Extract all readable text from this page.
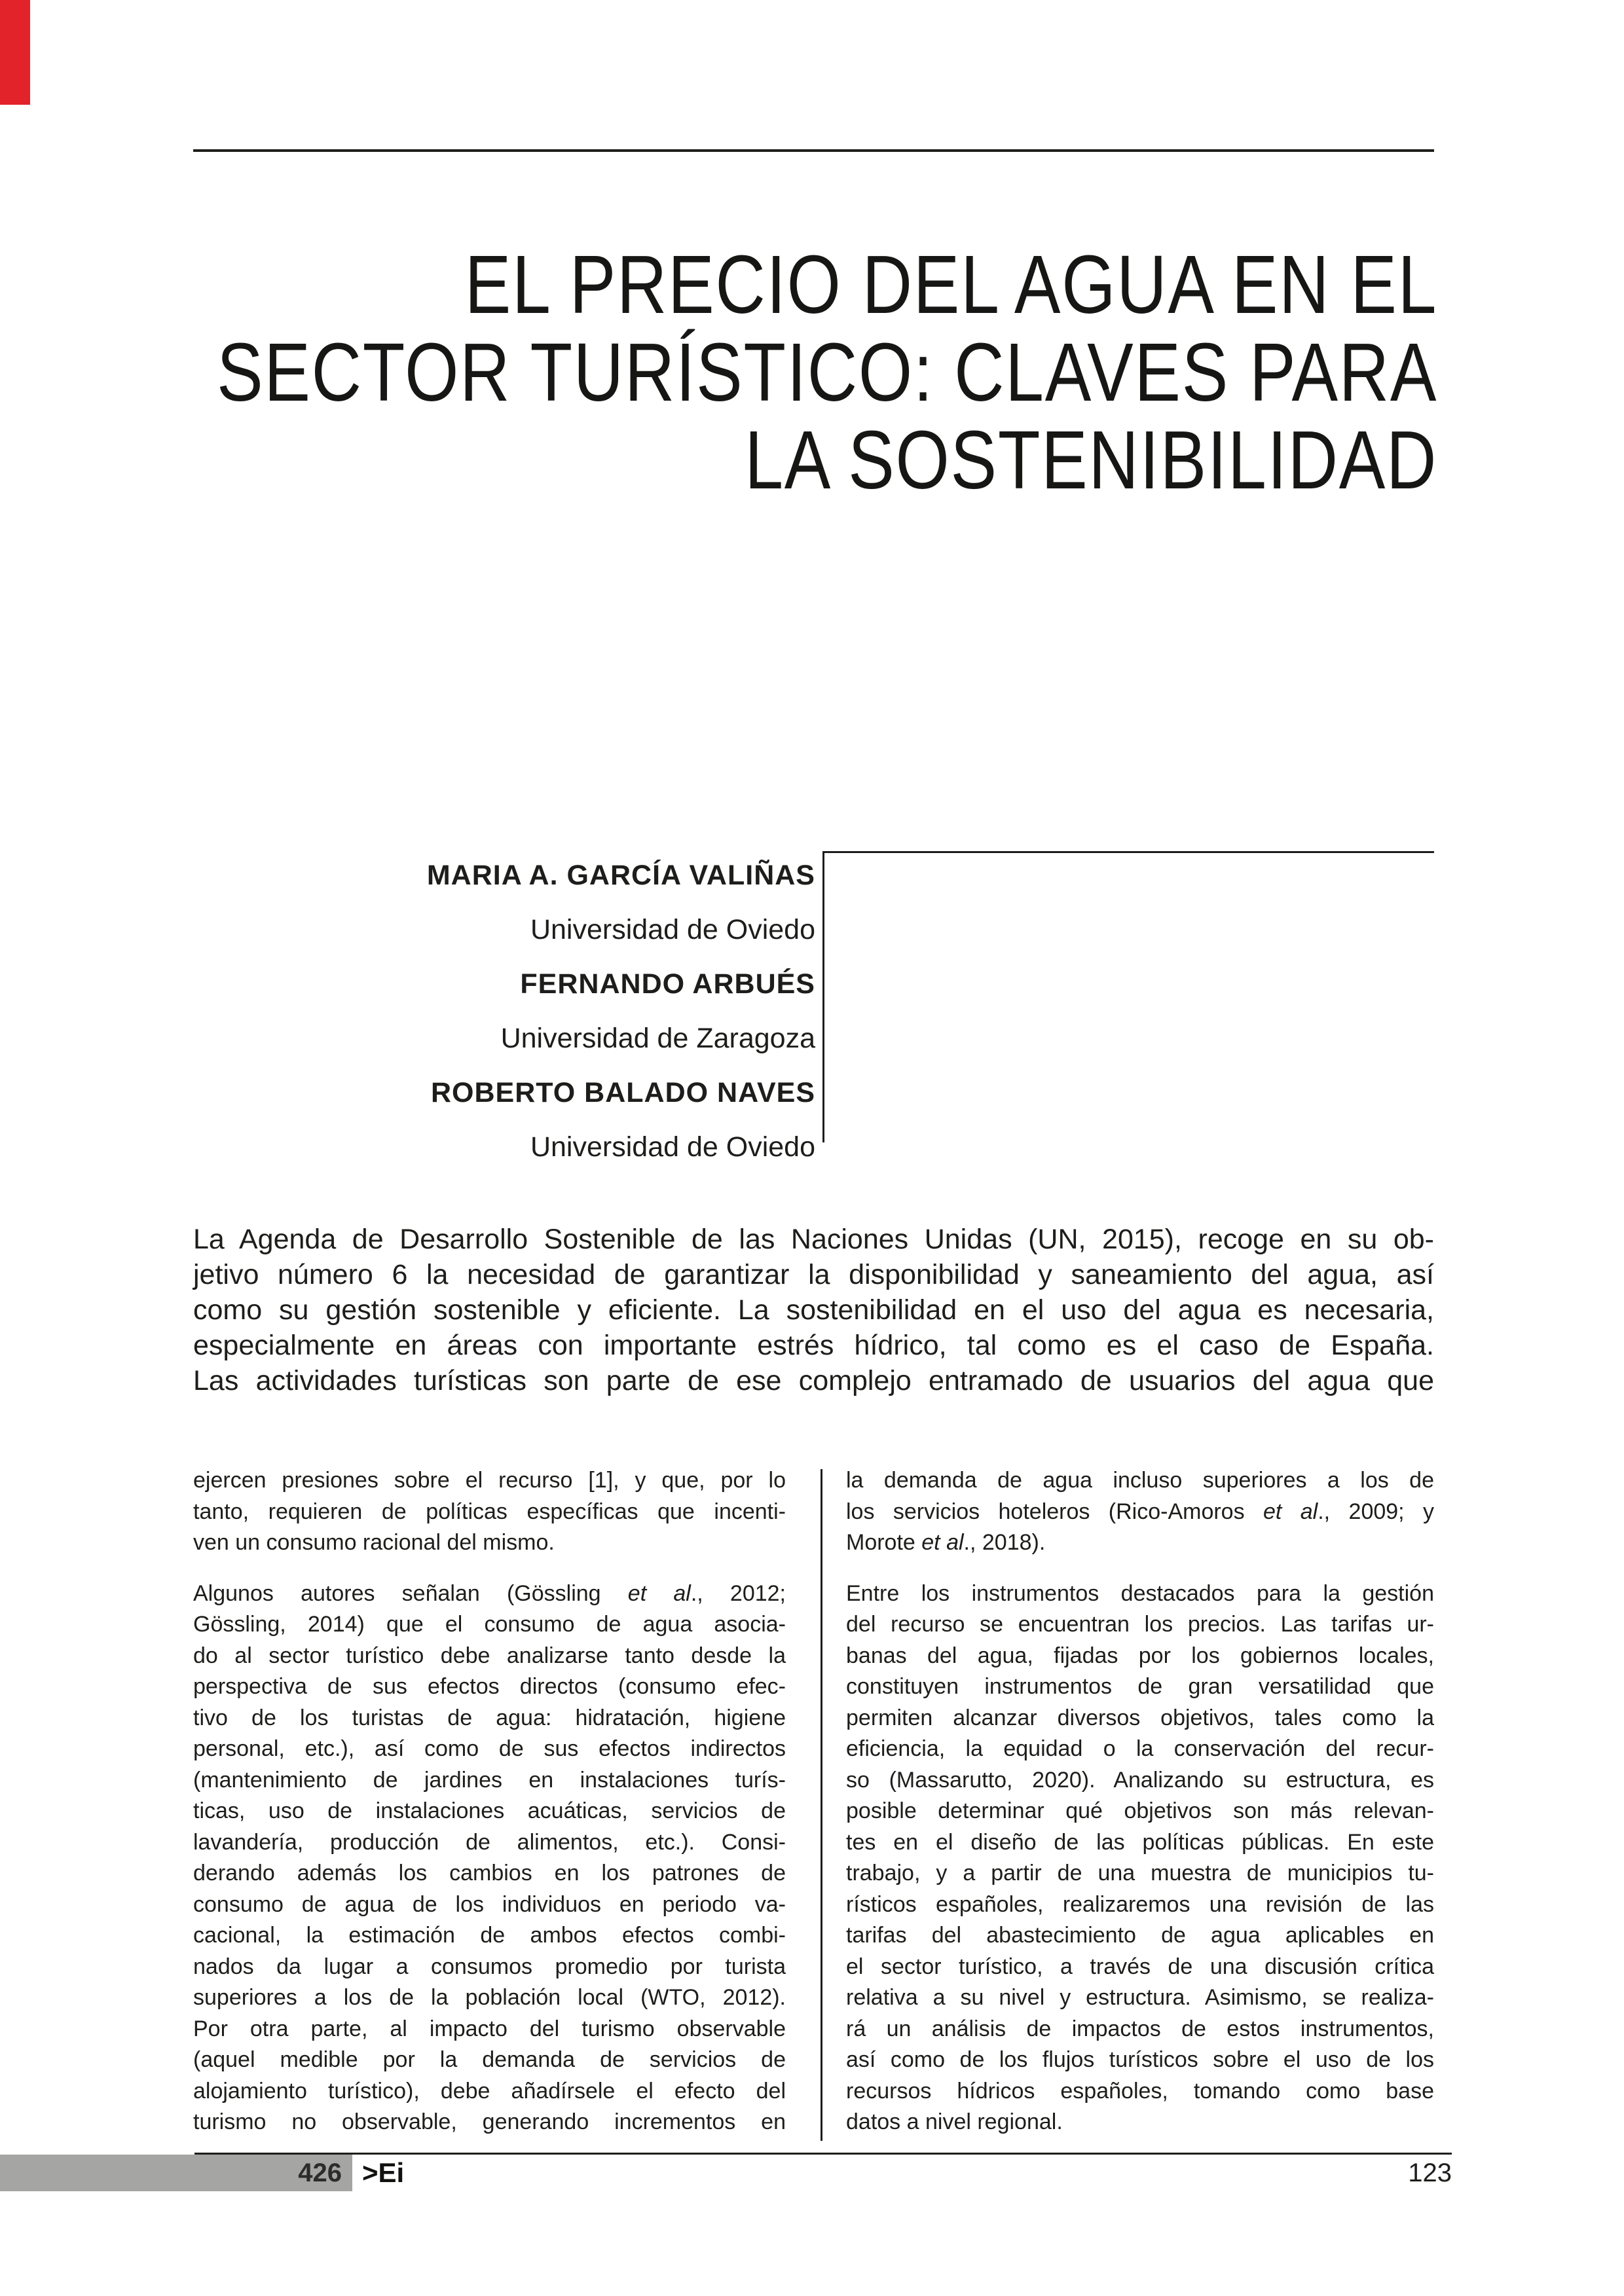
EL PRECIO DEL AGUA EN EL
SECTOR TURÍSTICO: CLAVES PARA
LA SOSTENIBILIDAD
MARIA A. GARCÍA VALIÑAS
Universidad de Oviedo
FERNANDO ARBUÉS
Universidad de Zaragoza
ROBERTO BALADO NAVES
Universidad de Oviedo
La Agenda de Desarrollo Sostenible de las Naciones Unidas (UN, 2015), recoge en su ob-
jetivo número 6 la necesidad de garantizar la disponibilidad y saneamiento del agua, así
como su gestión sostenible y eficiente. La sostenibilidad en el uso del agua es necesaria,
especialmente en áreas con importante estrés hídrico, tal como es el caso de España.
Las actividades turísticas son parte de ese complejo entramado de usuarios del agua que
ejercen presiones sobre el recurso [1], y que, por lo
tanto, requieren de políticas específicas que incenti-
ven un consumo racional del mismo.
Algunos autores señalan (Gössling et al., 2012;
Gössling, 2014) que el consumo de agua asocia-
do al sector turístico debe analizarse tanto desde la
perspectiva de sus efectos directos (consumo efec-
tivo de los turistas de agua: hidratación, higiene
personal, etc.), así como de sus efectos indirectos
(mantenimiento de jardines en instalaciones turís-
ticas, uso de instalaciones acuáticas, servicios de
lavandería, producción de alimentos, etc.). Consi-
derando además los cambios en los patrones de
consumo de agua de los individuos en periodo va-
cacional, la estimación de ambos efectos combi-
nados da lugar a consumos promedio por turista
superiores a los de la población local (WTO, 2012).
Por otra parte, al impacto del turismo observable
(aquel medible por la demanda de servicios de
alojamiento turístico), debe añadírsele el efecto del
turismo no observable, generando incrementos en
la demanda de agua incluso superiores a los de
los servicios hoteleros (Rico-Amoros et al., 2009; y
Morote et al., 2018).
Entre los instrumentos destacados para la gestión
del recurso se encuentran los precios. Las tarifas ur-
banas del agua, fijadas por los gobiernos locales,
constituyen instrumentos de gran versatilidad que
permiten alcanzar diversos objetivos, tales como la
eficiencia, la equidad o la conservación del recur-
so (Massarutto, 2020). Analizando su estructura, es
posible determinar qué objetivos son más relevan-
tes en el diseño de las políticas públicas. En este
trabajo, y a partir de una muestra de municipios tu-
rísticos españoles, realizaremos una revisión de las
tarifas del abastecimiento de agua aplicables en
el sector turístico, a través de una discusión crítica
relativa a su nivel y estructura. Asimismo, se realiza-
rá un análisis de impactos de estos instrumentos,
así como de los flujos turísticos sobre el uso de los
recursos hídricos españoles, tomando como base
datos a nivel regional.
426 >Ei	123
